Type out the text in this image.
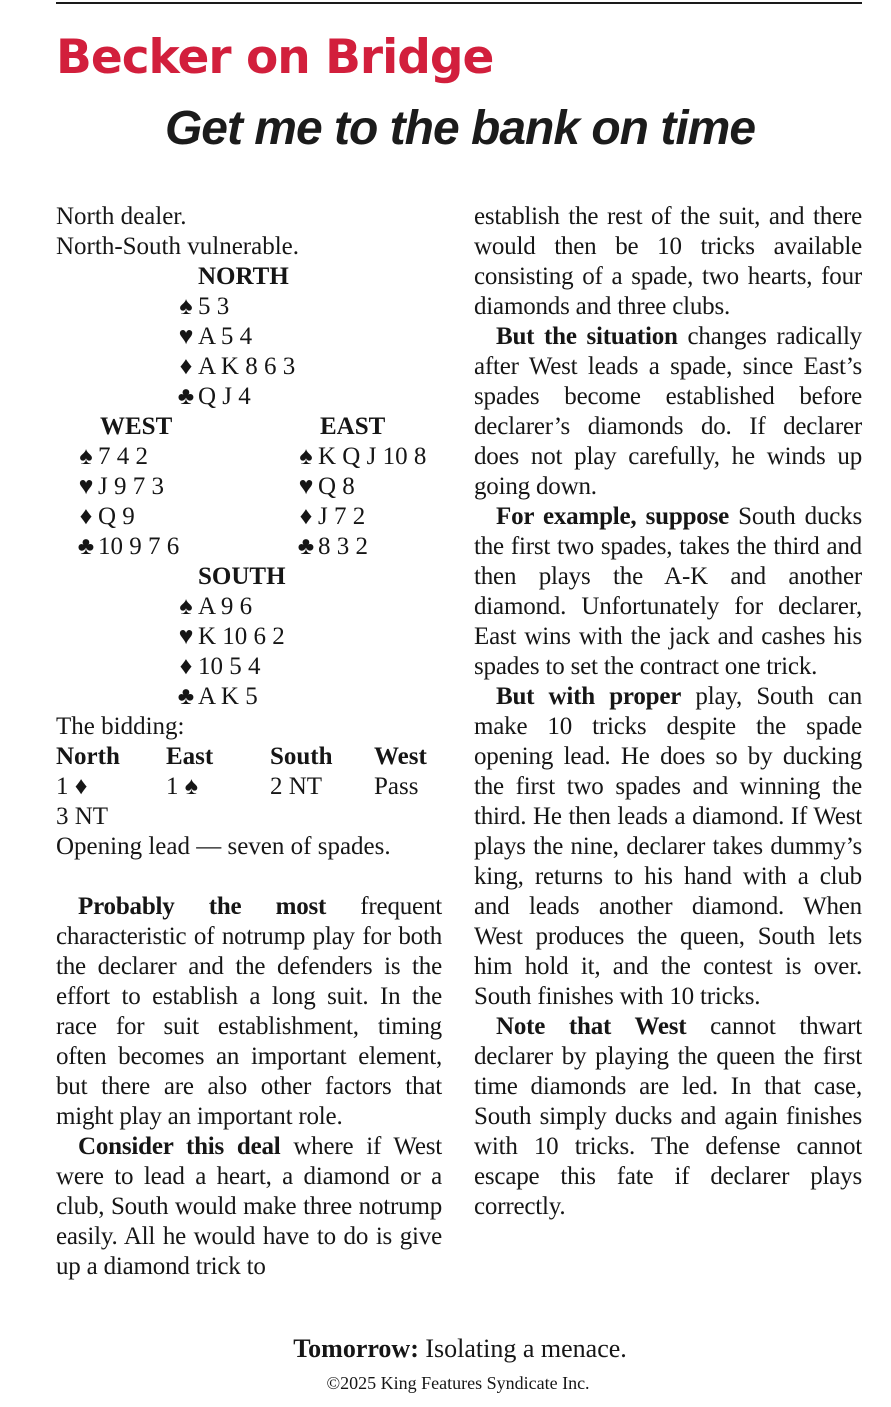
Becker on Bridge
Get me to the bank on time
North dealer.
North-South vulnerable.
NORTH
♠ 5 3
♥ A 5 4
♦ A K 8 6 3
♣ Q J 4
WEST	EAST
♠ 7 4 2
♥ J 9 7 3
♦ Q 9
♣ 10 9 7 6
♠ K Q J 10 8
♥ Q 8
♦ J 7 2
♣ 8 3 2
SOUTH
♠ A 9 6
♥ K 10 6 2
♦ 10 5 4
♣ A K 5
The bidding:
North East South West
1 ♦	1 ♠	2 NT Pass
3 NT
Opening lead — seven of spades.

Probably the most frequent characteristic of notrump play for both the declarer and the defenders is the effort to establish a long suit. In the race for suit establishment, timing often becomes an important element, but there are also other factors that might play an important role.

Consider this deal where if West were to lead a heart, a diamond or a club, South would make three notrump easily. All he would have to do is give up a diamond trick to

establish the rest of the suit, and there would then be 10 tricks available consisting of a spade, two hearts, four diamonds and three clubs.

But the situation changes radically after West leads a spade, since East’s spades become established before declarer’s diamonds do. If declarer does not play carefully, he winds up going down.

For example, suppose South ducks the first two spades, takes the third and then plays the A-K and another diamond. Unfortunately for declarer, East wins with the jack and cashes his spades to set the contract one trick.

But with proper play, South can make 10 tricks despite the spade opening lead. He does so by ducking the first two spades and winning the third. He then leads a diamond. If West plays the nine, declarer takes dummy’s king, returns to his hand with a club and leads another diamond. When West produces the queen, South lets him hold it, and the contest is over. South finishes with 10 tricks.

Note that West cannot thwart declarer by playing the queen the first time diamonds are led. In that case, South simply ducks and again finishes with 10 tricks. The defense cannot escape this fate if declarer plays correctly.

Tomorrow: Isolating a menace.
©2025 King Features Syndicate Inc.
